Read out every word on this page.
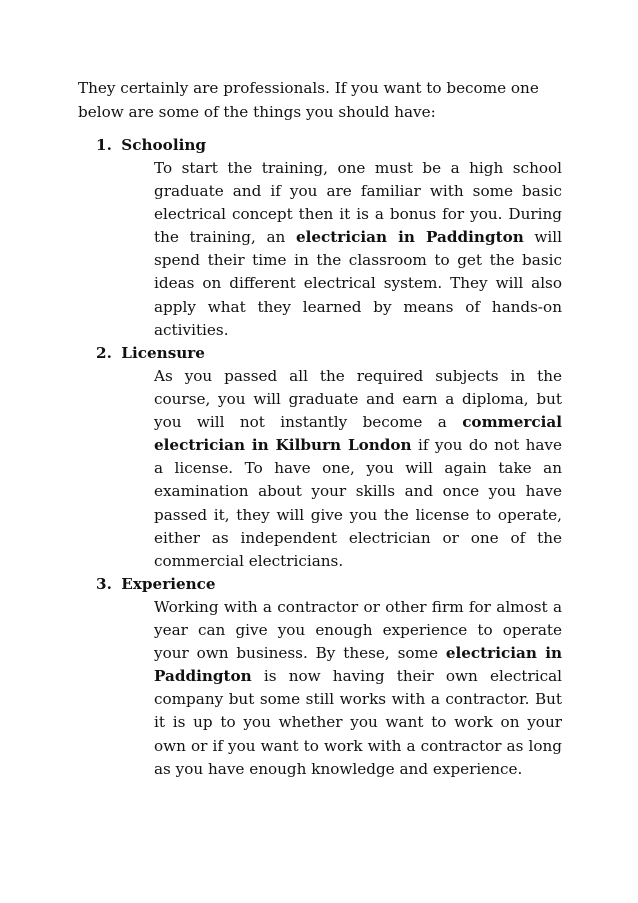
They certainly are professionals. If you want to become one below are some of the things you should have:

1. Schooling
To start the training, one must be a high school graduate and if you are familiar with some basic electrical concept then it is a bonus for you. During the training, an electrician in Paddington will spend their time in the classroom to get the basic ideas on different electrical system. They will also apply what they learned by means of hands-on activities.
2. Licensure
As you passed all the required subjects in the course, you will graduate and earn a diploma, but you will not instantly become a commercial electrician in Kilburn London if you do not have a license. To have one, you will again take an examination about your skills and once you have passed it, they will give you the license to operate, either as independent electrician or one of the commercial electricians.
3. Experience
Working with a contractor or other firm for almost a year can give you enough experience to operate your own business. By these, some electrician in Paddington is now having their own electrical company but some still works with a contractor. But it is up to you whether you want to work on your own or if you want to work with a contractor as long as you have enough knowledge and experience.
